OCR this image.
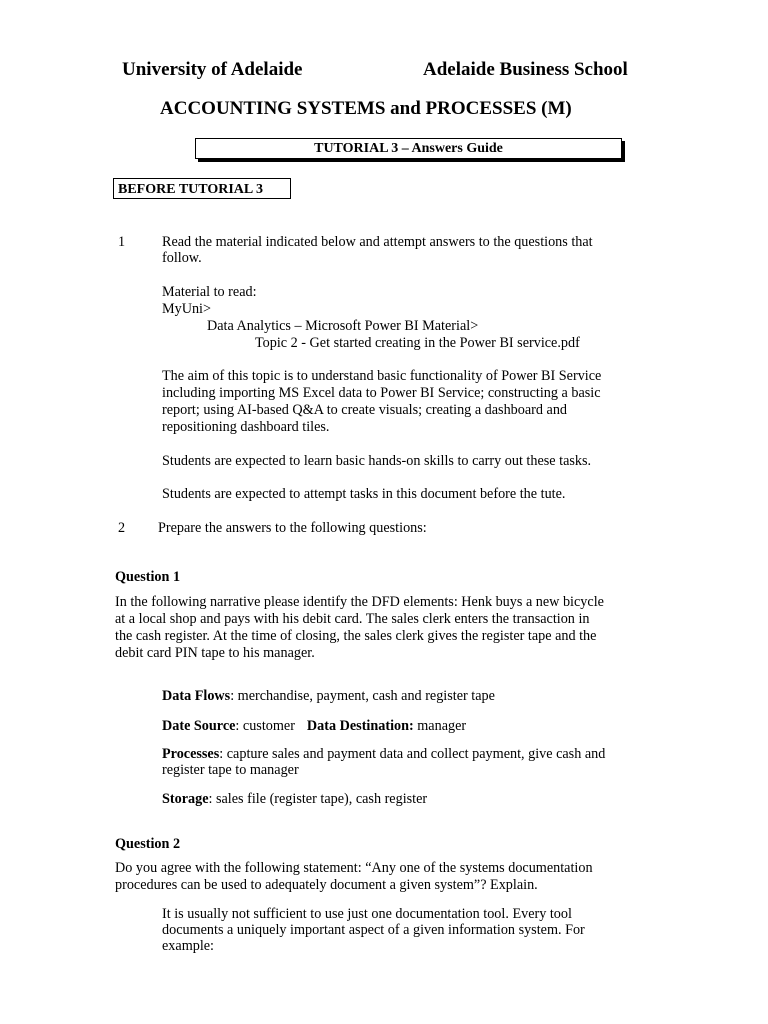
University of Adelaide	Adelaide Business School
ACCOUNTING SYSTEMS and PROCESSES (M)
TUTORIAL 3 – Answers Guide
BEFORE TUTORIAL 3
1	Read the material indicated below and attempt answers to the questions that
follow.
Material to read:
MyUni>
Data Analytics – Microsoft Power BI Material>
Topic 2 - Get started creating in the Power BI service.pdf
The aim of this topic is to understand basic functionality of Power BI Service
including importing MS Excel data to Power BI Service; constructing a basic
report; using AI-based Q&A to create visuals; creating a dashboard and
repositioning dashboard tiles.
Students are expected to learn basic hands-on skills to carry out these tasks.
Students are expected to attempt tasks in this document before the tute.
2 Prepare the answers to the following questions:
Question 1
In the following narrative please identify the DFD elements: Henk buys a new bicycle
at a local shop and pays with his debit card. The sales clerk enters the transaction in
the cash register. At the time of closing, the sales clerk gives the register tape and the
debit card PIN tape to his manager.
Data Flows: merchandise, payment, cash and register tape
Date Source: customer Data Destination: manager
Processes: capture sales and payment data and collect payment, give cash and
register tape to manager
Storage: sales file (register tape), cash register
Question 2
Do you agree with the following statement: “Any one of the systems documentation
procedures can be used to adequately document a given system”? Explain.
It is usually not sufficient to use just one documentation tool. Every tool
documents a uniquely important aspect of a given information system. For
example:
